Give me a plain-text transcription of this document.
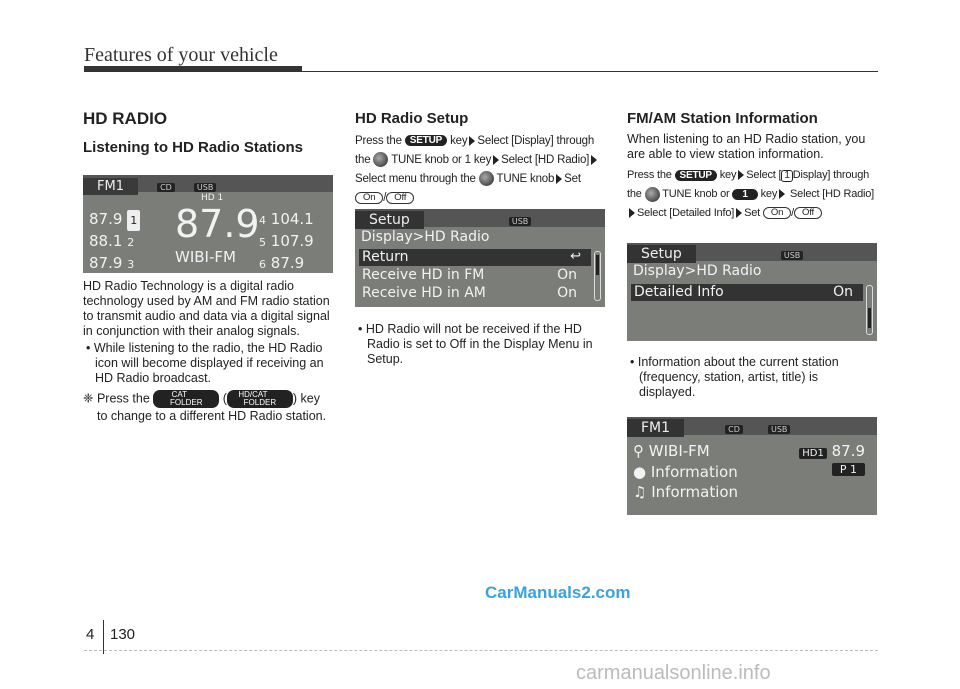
Features of your vehicle
HD RADIO
Listening to HD Radio Stations

HD Radio Technology is a digital radio technology used by AM and FM radio station to transmit audio and data via a digital signal in conjunction with their analog signals.

• While listening to the radio, the HD Radio icon will become displayed if receiving an HD Radio broadcast.

❈ Press the	CAT
FOLDER ( HD/CAT
FOLDER ) key to change to a different HD Radio station.

FM1	CD	USB
HD 1
87.9 1
88.1 2
87.9 3
87.9
WIBI-FM
4 104.1
5 107.9
6 87.9
HD Radio Setup
Press the SETUP key Select [Display] through the TUNE knob or 1 key Select [HD Radio]Select menu through the TUNE knob Set On / Off
Setup	USB
Display>HD Radio
Return	↩
Receive HD in FM	On
Receive HD in AM	On

• HD Radio will not be received if the HD Radio is set to Off in the Display Menu in Setup.

FM/AM Station Information

When listening to an HD Radio station, you are able to view station information.

Press the SETUP key Select [ 1 Display] through the TUNE knob or 1 key Select [HD Radio]Select [Detailed Info] Set On / Off
Setup	USB
Display>HD Radio
Detailed Info	On

• Information about the current station (frequency, station, artist, title) is displayed.

FM1	CD	USB
⚲ WIBI-FM	HD1 87.9
● Information	P 1
♫ Information
CarManuals2.com
4 130
carmanualsonline.info
